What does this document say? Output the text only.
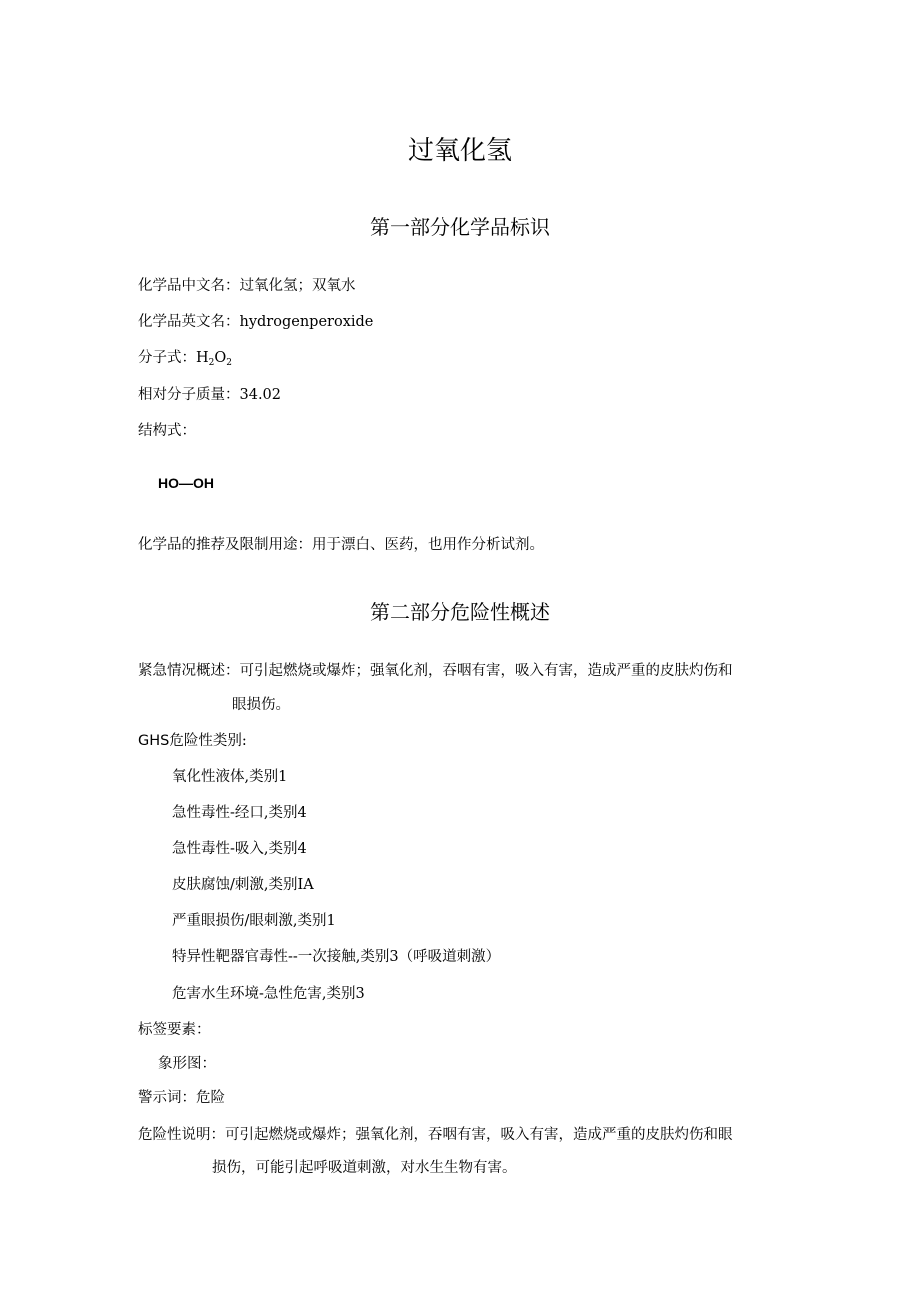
过氧化氢
第一部分化学品标识
化学品中文名：过氧化氢；双氧水
化学品英文名：hydrogenperoxide
分子式：$H_2O_2$
相对分子质量：34.02
结构式：
HO—OH
化学品的推荐及限制用途：用于漂白、医药，也用作分析试剂。
第二部分危险性概述
紧急情况概述：可引起燃烧或爆炸；强氧化剂，吞咽有害，吸入有害，造成严重的皮肤灼伤和
眼损伤。
GHS危险性类别:
氧化性液体,类别1
急性毒性-经口,类别4
急性毒性-吸入,类别4
皮肤腐蚀/刺激,类别IA
严重眼损伤/眼刺激,类别1
特异性靶器官毒性--一次接触,类别3（呼吸道刺激）
危害水生环境-急性危害,类别3
标签要素：
象形图：
警示词：危险
危险性说明：可引起燃烧或爆炸；强氧化剂，吞咽有害，吸入有害，造成严重的皮肤灼伤和眼
损伤，可能引起呼吸道刺激，对水生生物有害。
